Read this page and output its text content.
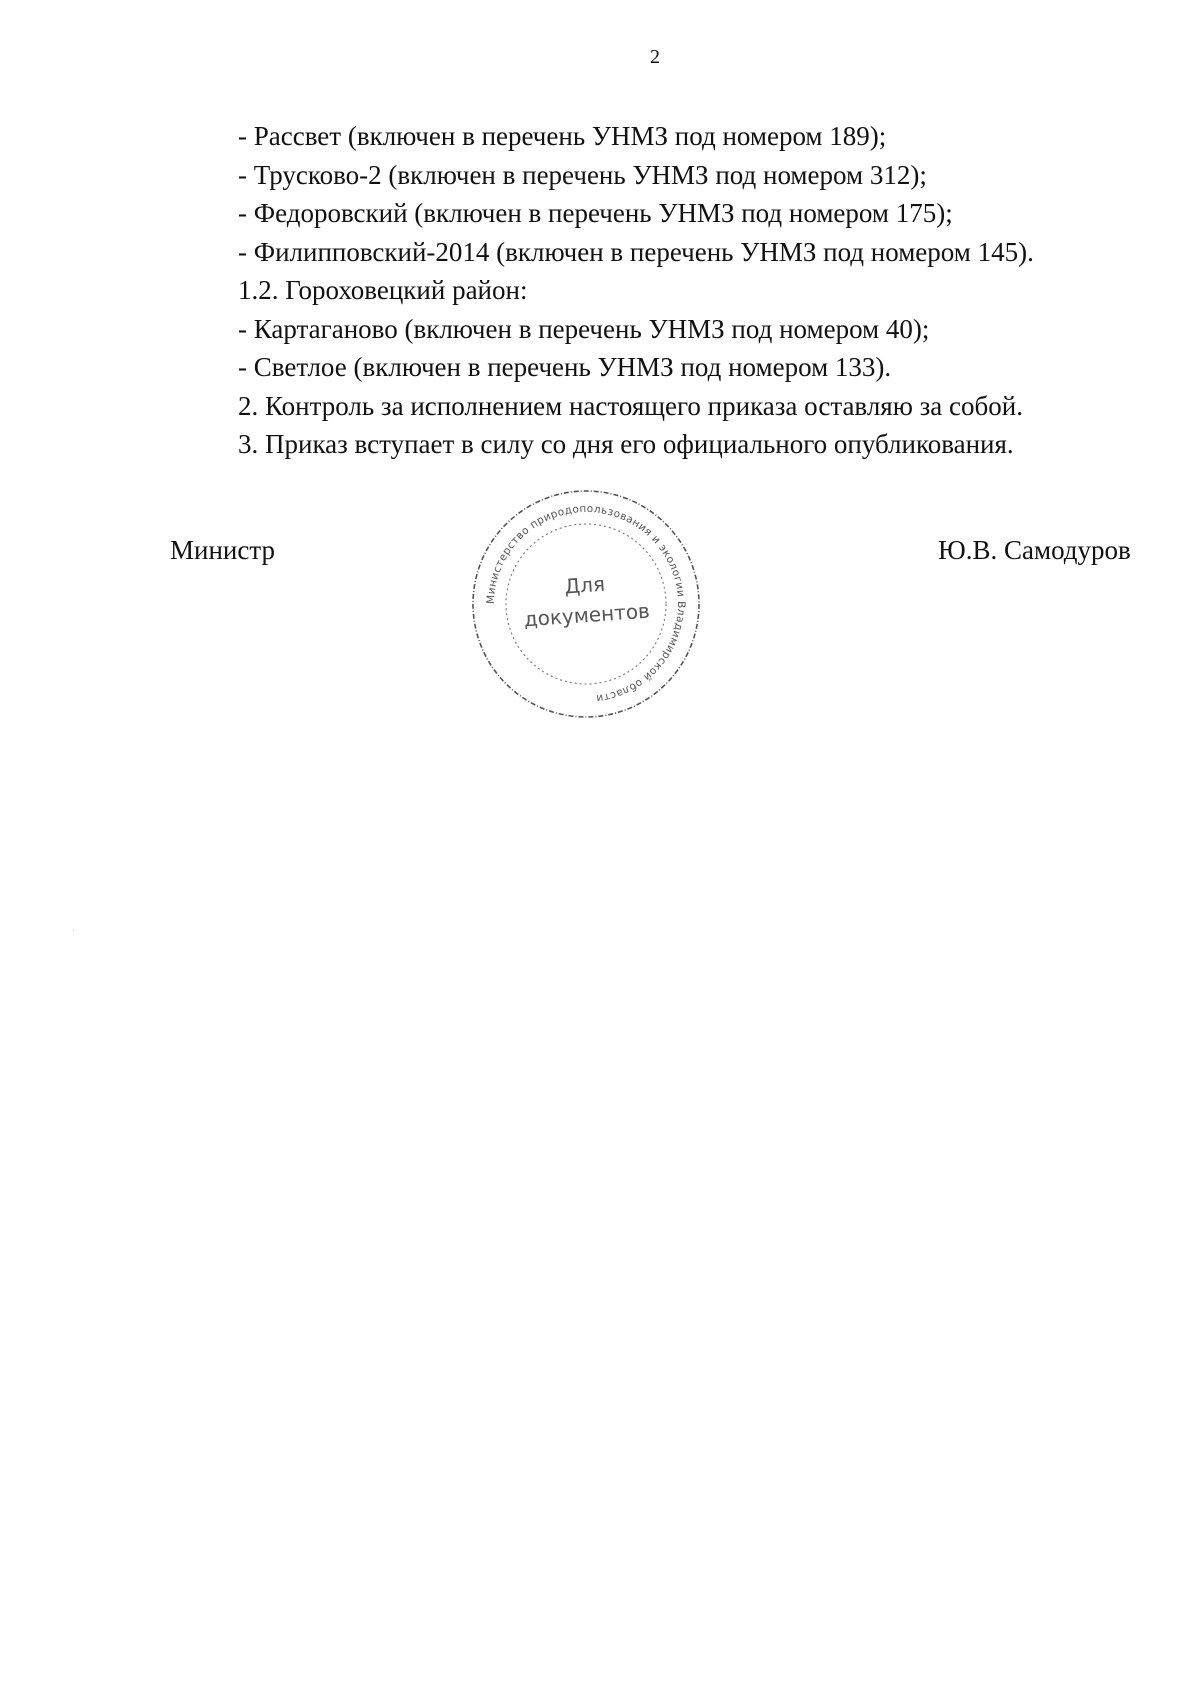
2
- Рассвет (включен в перечень УНМЗ под номером 189);
- Трусково-2 (включен в перечень УНМЗ под номером 312);
- Федоровский (включен в перечень УНМЗ под номером 175);
- Филипповский-2014 (включен в перечень УНМЗ под номером 145).
1.2. Гороховецкий район:
- Картаганово (включен в перечень УНМЗ под номером 40);
- Светлое (включен в перечень УНМЗ под номером 133).
2. Контроль за исполнением настоящего приказа оставляю за собой.
3. Приказ вступает в силу со дня его официального опубликования.
Министр	Ю.В. Самодуров
Министерство природопользования и экологии Владимирской области
Для
документов
